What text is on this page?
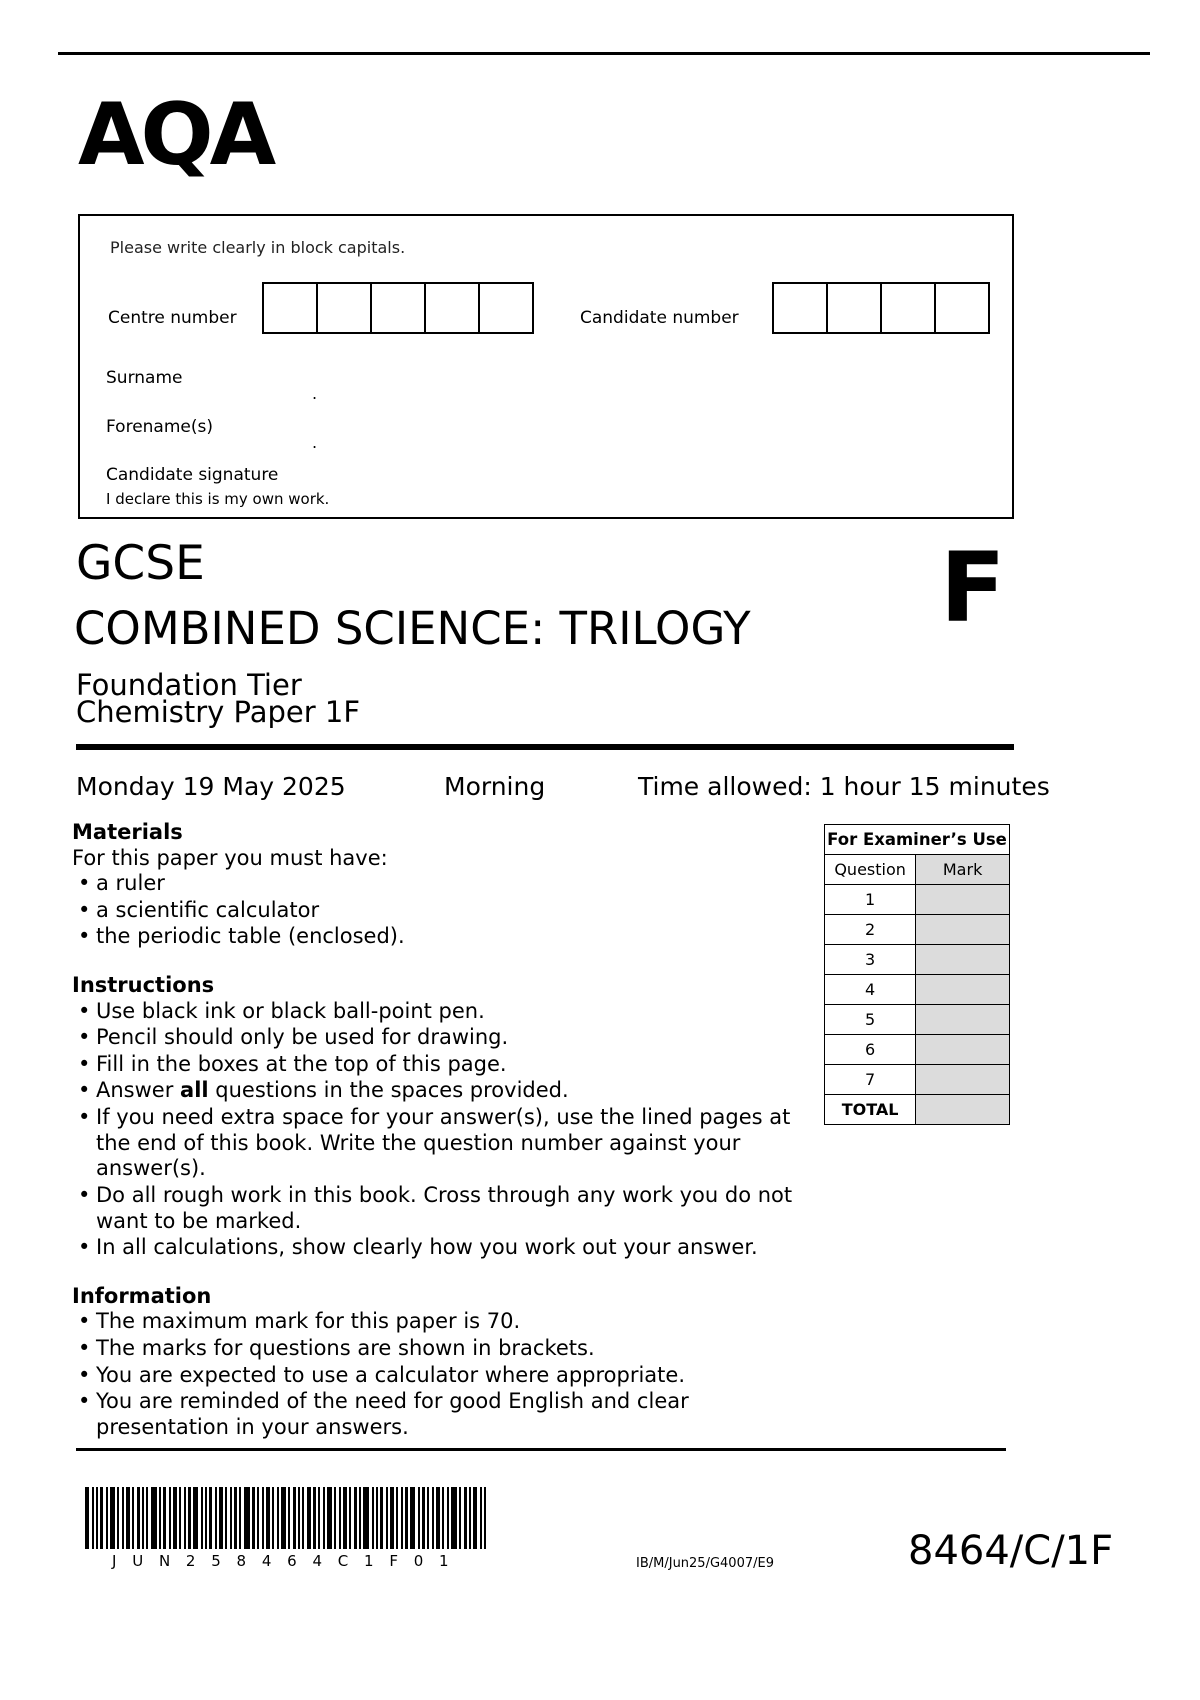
AQA
Please write clearly in block capitals.
Centre number	Candidate number
Surname
.
Forename(s)
.
Candidate signature
I declare this is my own work.
GCSE
COMBINED SCIENCE: TRILOGY
Foundation Tier
Chemistry Paper 1F
F
Monday 19 May 2025	Morning	Time allowed: 1 hour 15 minutes

Materials

For this paper you must have:

• a ruler
• a scientific calculator
• the periodic table (enclosed).

Instructions

• Use black ink or black ball-point pen.
• Pencil should only be used for drawing.
• Fill in the boxes at the top of this page.
• Answer all questions in the spaces provided.
• If you need extra space for your answer(s), use the lined pages at the end of this book. Write the question number against your answer(s).
• Do all rough work in this book. Cross through any work you do not want to be marked.
• In all calculations, show clearly how you work out your answer.

Information

• The maximum mark for this paper is 70.
• The marks for questions are shown in brackets.
• You are expected to use a calculator where appropriate.
• You are reminded of the need for good English and clear presentation in your answers.
For Examiner’s Use	
Question	Mark
1	
2	
3	
4	
5	
6	
7	
TOTAL	
J U N 2 5 8 4 6 4 C 1 F 0 1	IB/M/Jun25/G4007/E9	8464/C/1F
